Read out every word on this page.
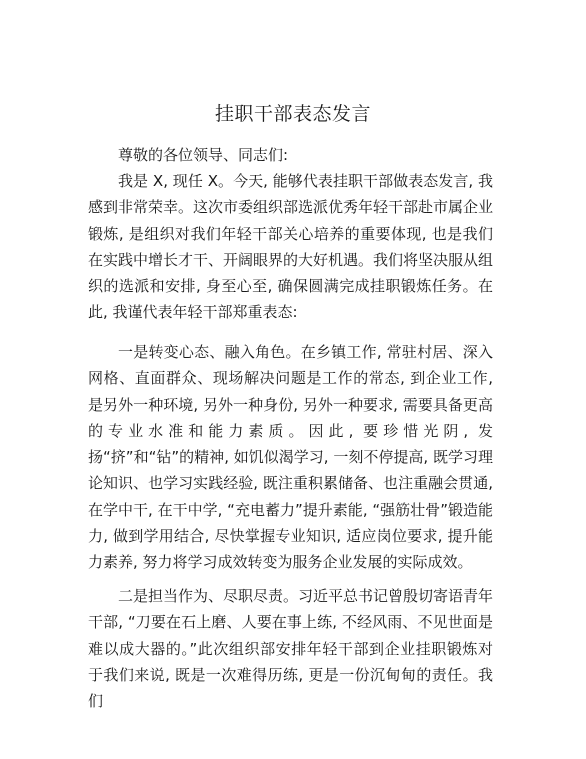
挂职干部表态发言

尊敬的各位领导、同志们:

我是 X, 现任 X。今天, 能够代表挂职干部做表态发言, 我感到非常荣幸。这次市委组织部选派优秀年轻干部赴市属企业锻炼, 是组织对我们年轻干部关心培养的重要体现, 也是我们在实践中增长才干、开阔眼界的大好机遇。我们将坚决服从组织的选派和安排, 身至心至, 确保圆满完成挂职锻炼任务。在此, 我谨代表年轻干部郑重表态:

一是转变心态、融入角色。在乡镇工作, 常驻村居、深入网格、直面群众、现场解决问题是工作的常态, 到企业工作, 是另外一种环境, 另外一种身份, 另外一种要求, 需要具备更高的专业水准和能力素质。因此, 要珍惜光阴, 发扬“挤”和“钻”的精神, 如饥似渴学习, 一刻不停提高, 既学习理论知识、也学习实践经验, 既注重积累储备、也注重融会贯通, 在学中干, 在干中学, “充电蓄力”提升素能, “强筋壮骨”锻造能力, 做到学用结合, 尽快掌握专业知识, 适应岗位要求, 提升能力素养, 努力将学习成效转变为服务企业发展的实际成效。

二是担当作为、尽职尽责。习近平总书记曾殷切寄语青年干部, “刀要在石上磨、人要在事上练, 不经风雨、不见世面是难以成大器的。”此次组织部安排年轻干部到企业挂职锻炼对于我们来说, 既是一次难得历练, 更是一份沉甸甸的责任。我们
